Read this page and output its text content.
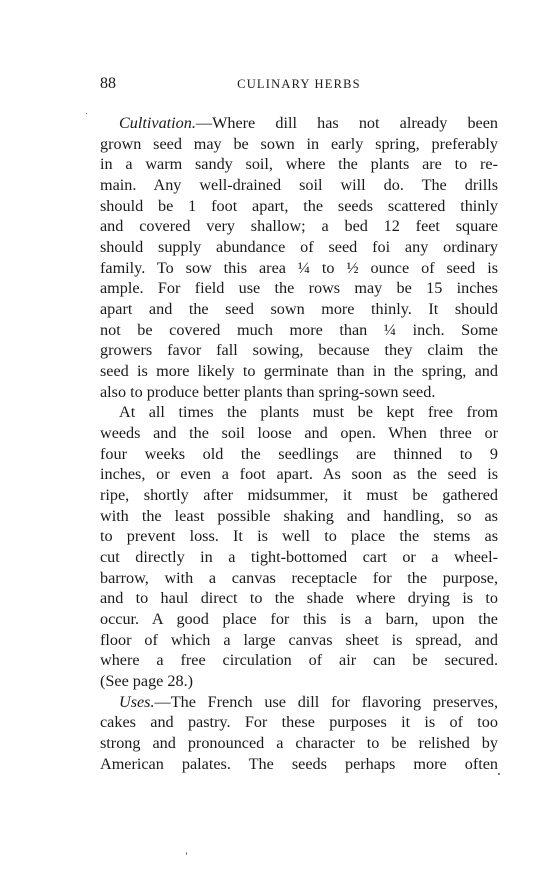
88	CULINARY HERBS
Cultivation.—Where dill has not already been
grown seed may be sown in early spring, preferably
in a warm sandy soil, where the plants are to re-
main. Any well-drained soil will do. The drills
should be 1 foot apart, the seeds scattered thinly
and covered very shallow; a bed 12 feet square
should supply abundance of seed foi any ordinary
family. To sow this area ¼ to ½ ounce of seed is
ample. For field use the rows may be 15 inches
apart and the seed sown more thinly. It should
not be covered much more than ¼ inch. Some
growers favor fall sowing, because they claim the
seed is more likely to germinate than in the spring, and
also to produce better plants than spring-sown seed.
At all times the plants must be kept free from
weeds and the soil loose and open. When three or
four weeks old the seedlings are thinned to 9
inches, or even a foot apart. As soon as the seed is
ripe, shortly after midsummer, it must be gathered
with the least possible shaking and handling, so as
to prevent loss. It is well to place the stems as
cut directly in a tight-bottomed cart or a wheel-
barrow, with a canvas receptacle for the purpose,
and to haul direct to the shade where drying is to
occur. A good place for this is a barn, upon the
floor of which a large canvas sheet is spread, and
where a free circulation of air can be secured.
(See page 28.)
Uses.—The French use dill for flavoring preserves,
cakes and pastry. For these purposes it is of too
strong and pronounced a character to be relished by
American palates. The seeds perhaps more often
